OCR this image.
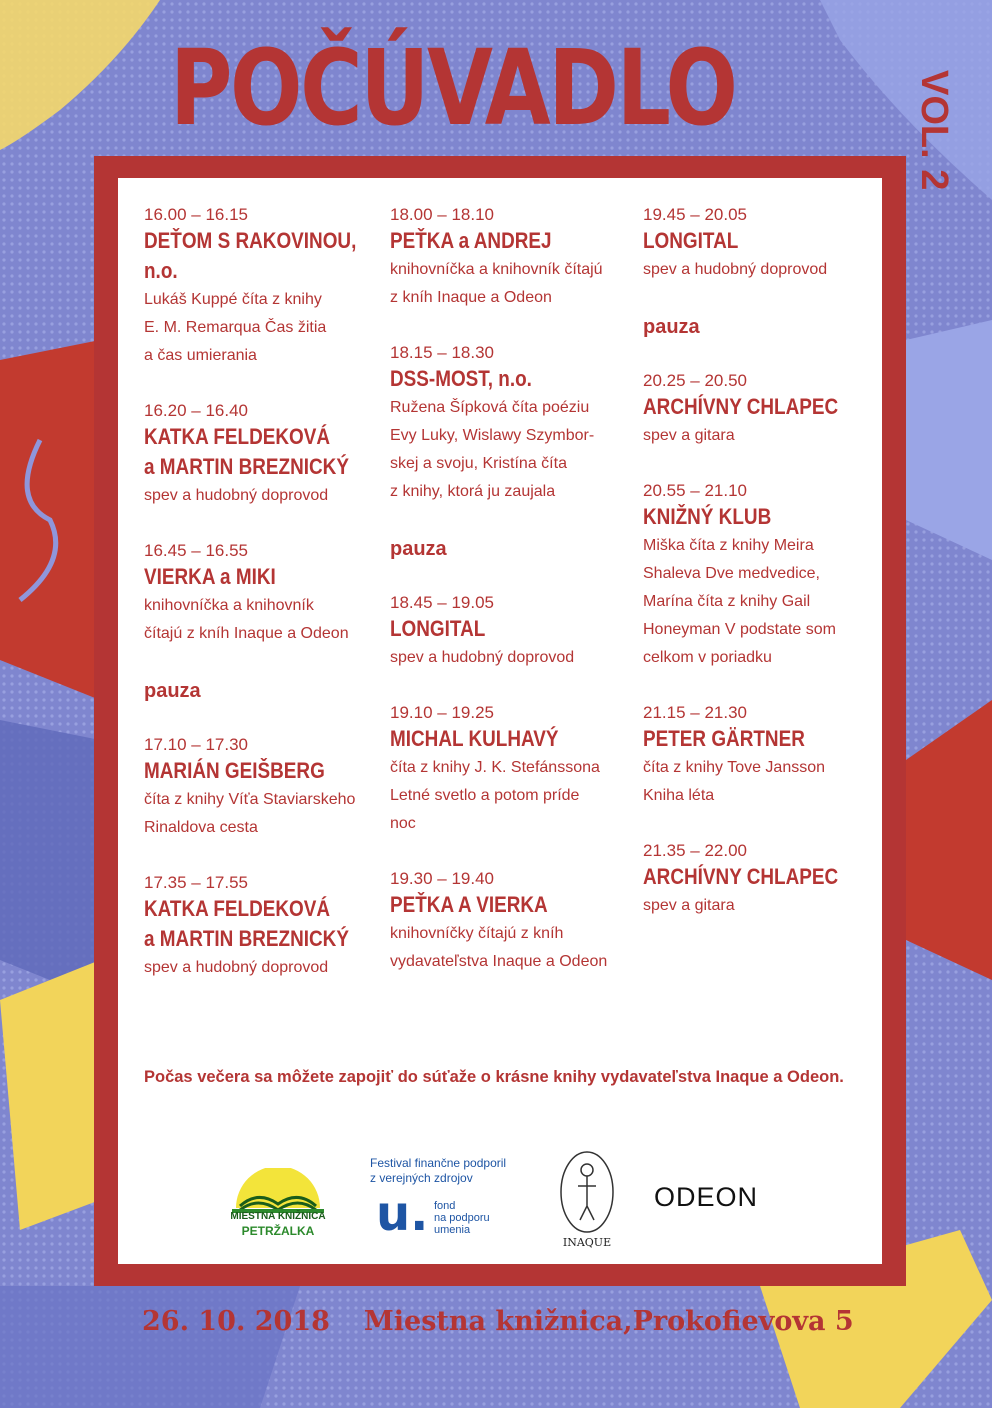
POČÚVADLO	VOL. 2
16.00 – 16.15
DEŤOM S RAKOVINOU,
n.o.
Lukáš Kuppé číta z knihy
E. M. Remarqua Čas žitia
a čas umierania
16.20 – 16.40
KATKA FELDEKOVÁ
a MARTIN BREZNICKÝ
spev a hudobný doprovod
16.45 – 16.55
VIERKA a MIKI
knihovníčka a knihovník
čítajú z kníh Inaque a Odeon
pauza
17.10 – 17.30
MARIÁN GEIŠBERG
číta z knihy Víťa Staviarskeho
Rinaldova cesta
17.35 – 17.55
KATKA FELDEKOVÁ
a MARTIN BREZNICKÝ
spev a hudobný doprovod
18.00 – 18.10
PEŤKA a ANDREJ
knihovníčka a knihovník čítajú
z kníh Inaque a Odeon
18.15 – 18.30
DSS-MOST, n.o.
Ružena Šípková číta poéziu
Evy Luky, Wislawy Szymbor-
skej a svoju, Kristína číta
z knihy, ktorá ju zaujala
pauza
18.45 – 19.05
LONGITAL
spev a hudobný doprovod
19.10 – 19.25
MICHAL KULHAVÝ
číta z knihy J. K. Stefánssona
Letné svetlo a potom príde
noc
19.30 – 19.40
PEŤKA A VIERKA
knihovníčky čítajú z kníh
vydavateľstva Inaque a Odeon
19.45 – 20.05
LONGITAL
spev a hudobný doprovod
pauza
20.25 – 20.50
ARCHÍVNY CHLAPEC
spev a gitara
20.55 – 21.10
KNIŽNÝ KLUB
Miška číta z knihy Meira
Shaleva Dve medvedice,
Marína číta z knihy Gail
Honeyman V podstate som
celkom v poriadku
21.15 – 21.30
PETER GÄRTNER
číta z knihy Tove Jansson
Kniha léta
21.35 – 22.00
ARCHÍVNY CHLAPEC
spev a gitara
Počas večera sa môžete zapojiť do súťaže o krásne knihy vydavateľstva Inaque a Odeon.
MIESTNA KNIŽNICA
PETRŽALKA
Festival finančne podporil
z verejných zdrojov
u. fond
na podporu
umenia
INAQUE
ODEON
26. 10. 2018 Miestna knižnica,Prokofievova 5
